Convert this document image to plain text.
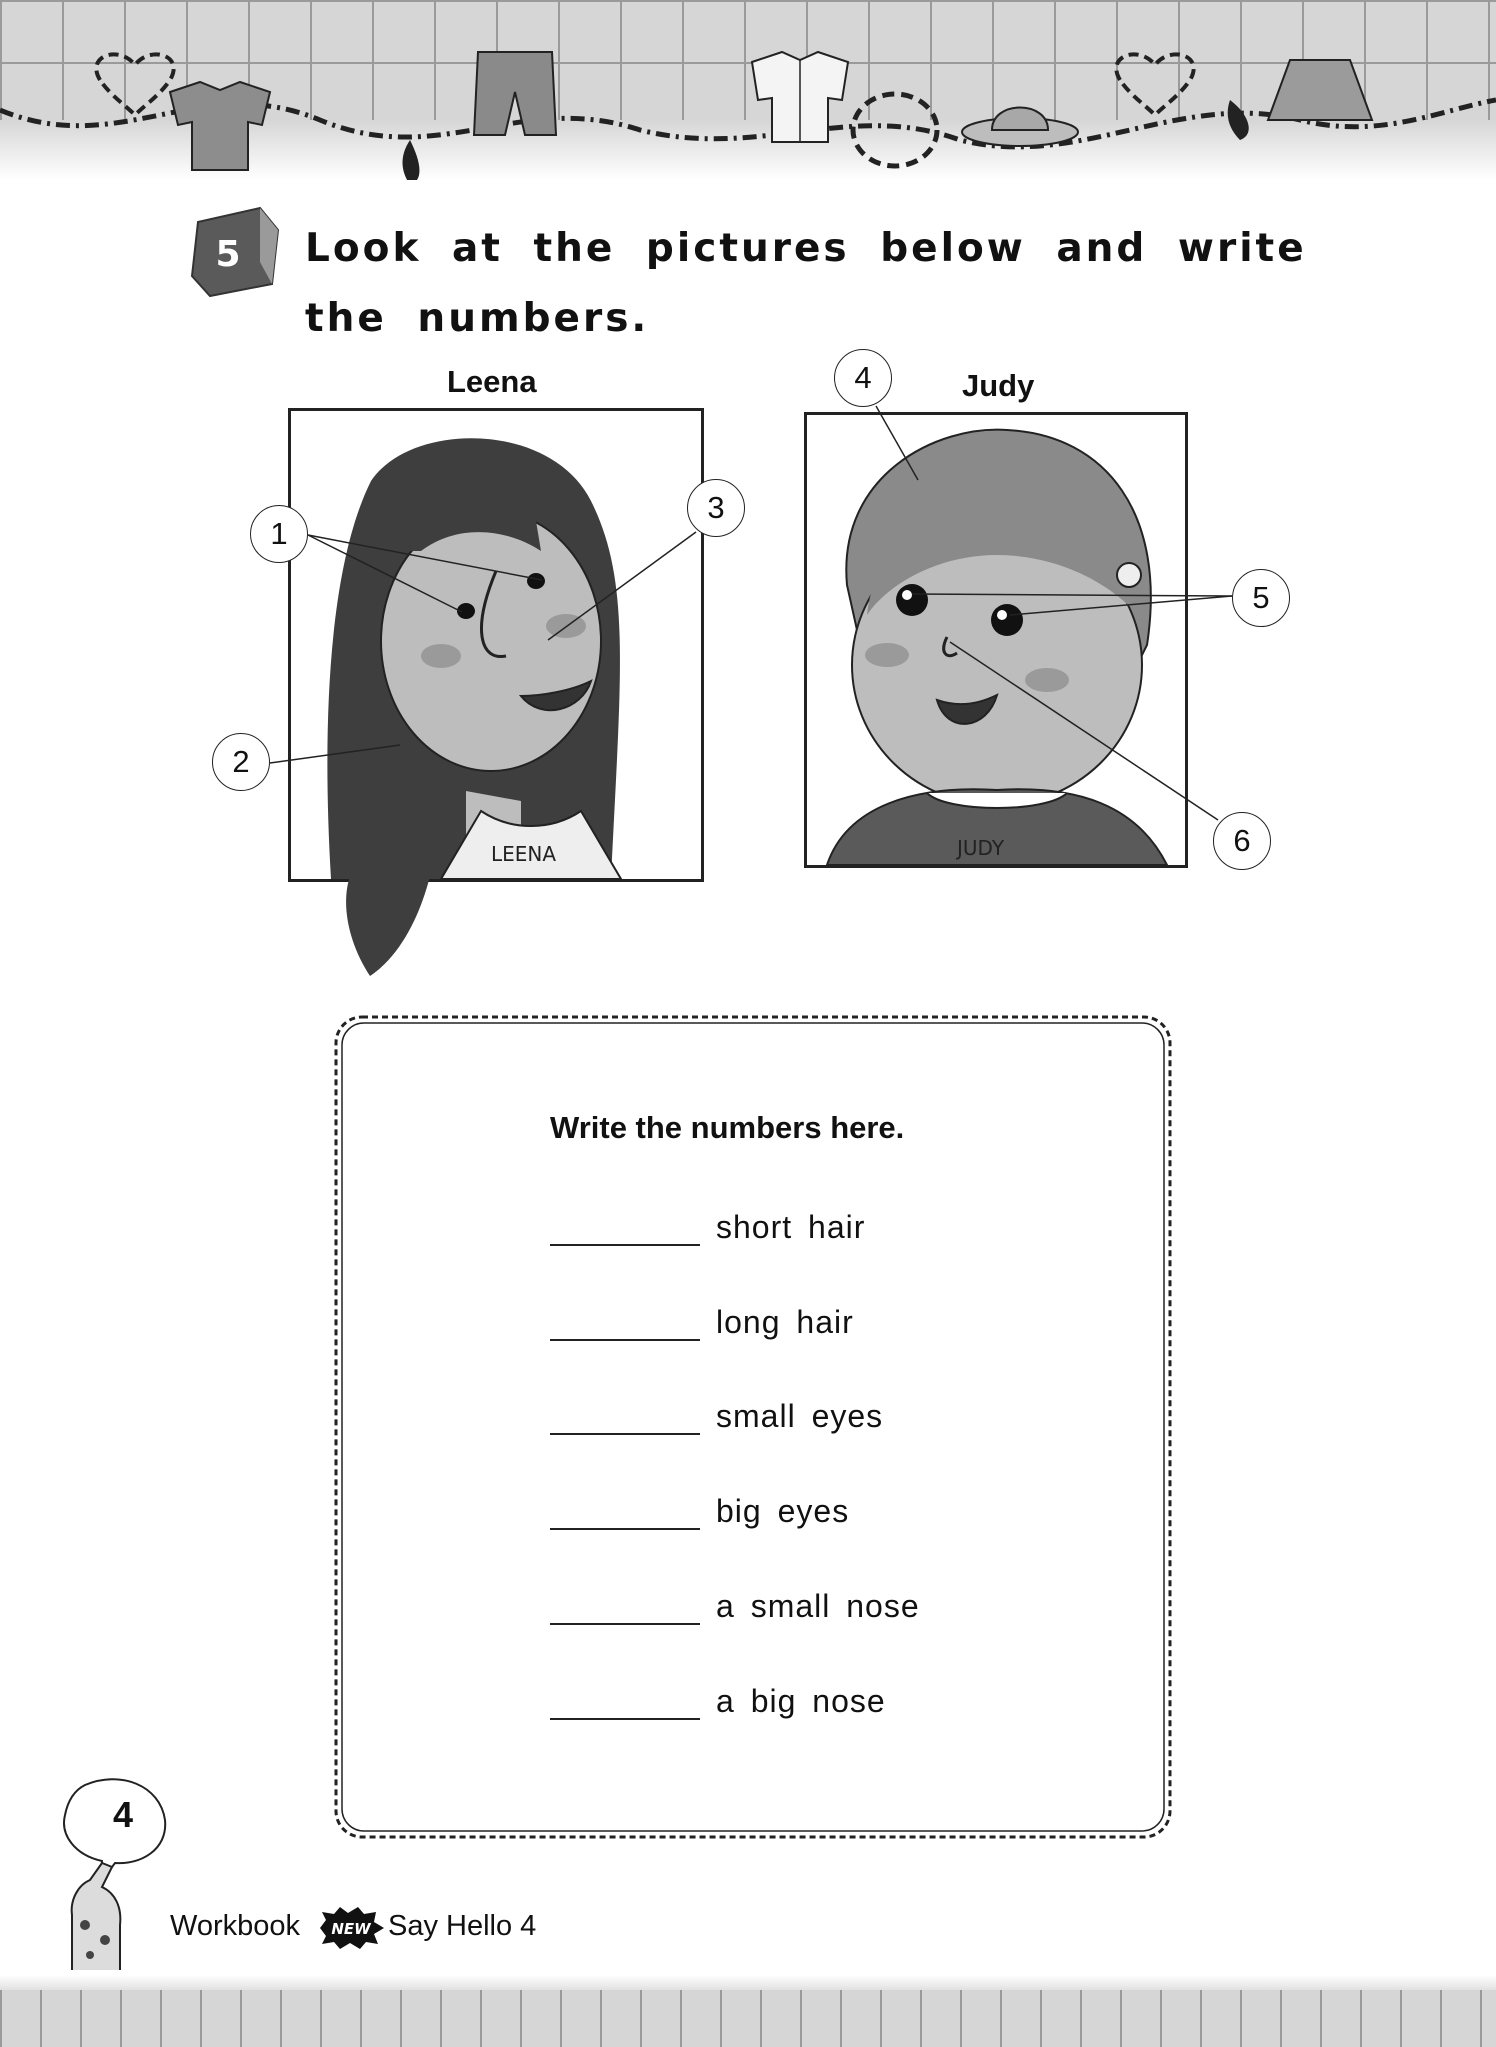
5 Look at the pictures below and write the numbers.
Leena	Judy
LEENA	JUDY
1
2
3
4
5
6
Write the numbers here.
short hair
long hair
small eyes
big eyes
a small nose
a big nose
4
Workbook NEW Say Hello 4
